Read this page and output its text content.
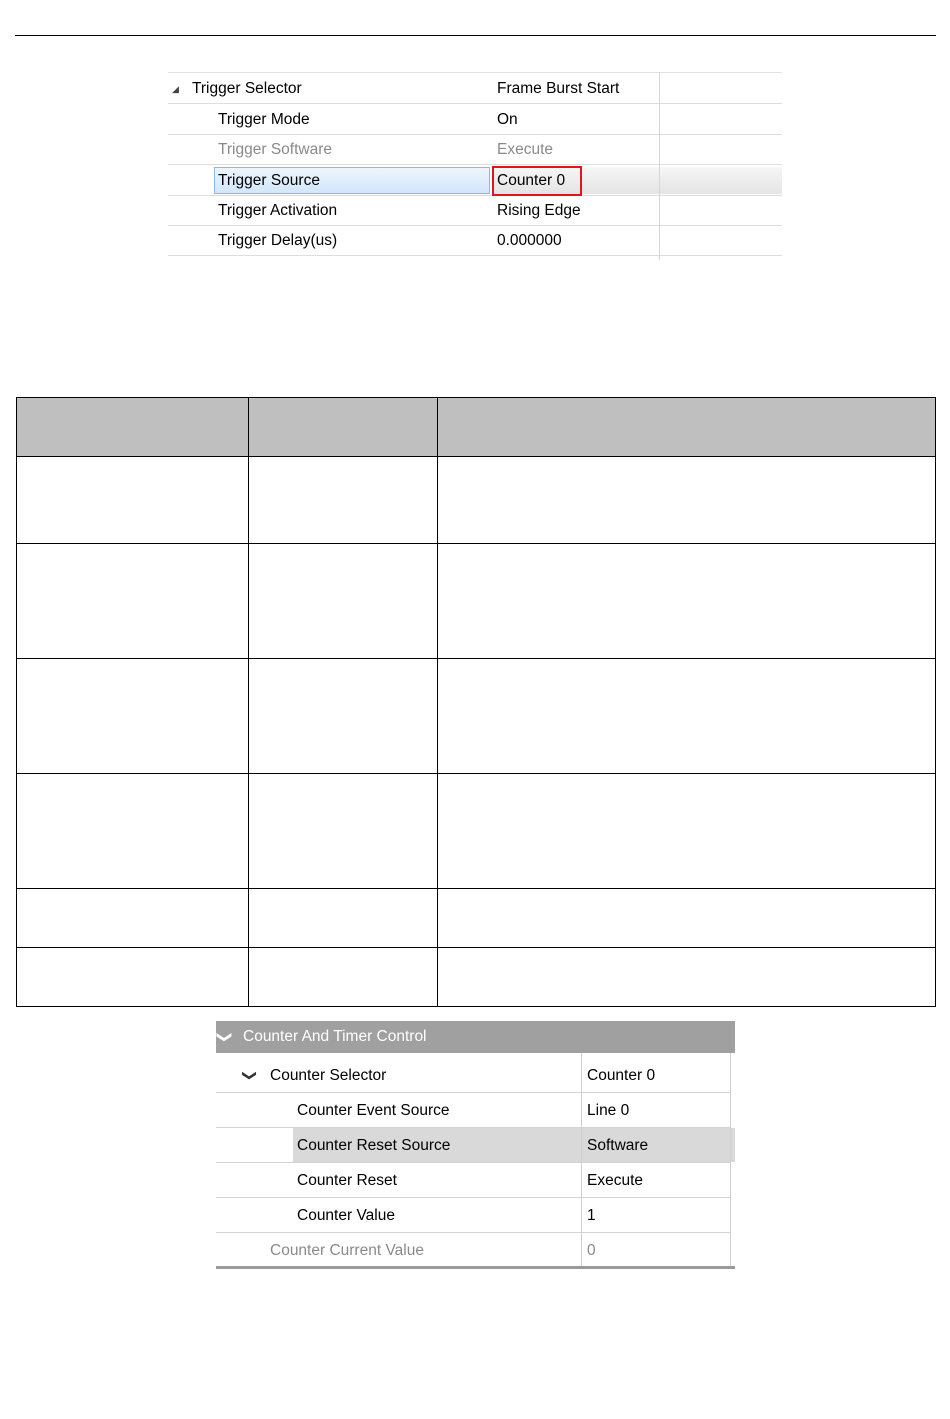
◢ Trigger Selector	Frame Burst Start
Trigger Mode	On
Trigger Software	Execute
Trigger Source	Counter 0
Trigger Activation	Rising Edge
Trigger Delay(us)	0.000000

❯ Counter And Timer Control
❯ Counter Selector	Counter 0
Counter Event Source	Line 0
Counter Reset Source	Software
Counter Reset	Execute
Counter Value	1
Counter Current Value	0
